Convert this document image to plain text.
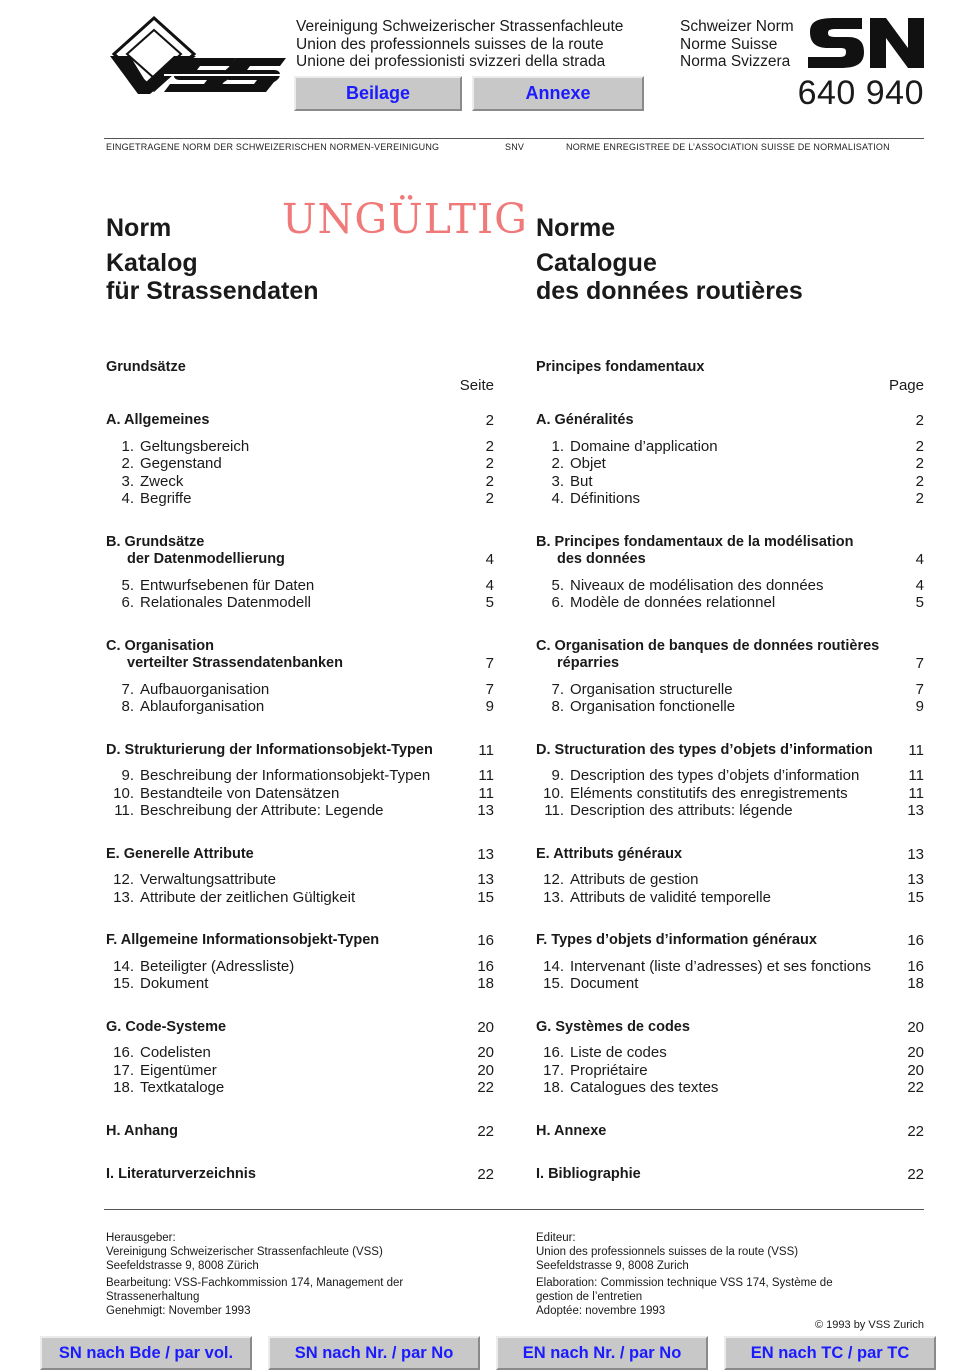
Vereinigung Schweizerischer Strassenfachleute
Union des professionnels suisses de la route
Unione dei professionisti svizzeri della strada
Schweizer Norm
Norme Suisse
Norma Svizzera
640 940
Beilage	Annexe
EINGETRAGENE NORM DER SCHWEIZERISCHEN NORMEN-VEREINIGUNG	SNV	NORME ENREGISTREE DE L’ASSOCIATION SUISSE DE NORMALISATION
UNGÜLTIG
Norm
Katalog
für Strassendaten
Norme
Catalogue
des données routières
Grundsätze
Seite
A. Allgemeines	2
1. Geltungsbereich	2
2. Gegenstand	2
3. Zweck	2
4. Begriffe	2
B. Grundsätze
der Datenmodellierung	4
5. Entwurfsebenen für Daten	4
6. Relationales Datenmodell	5
C. Organisation
verteilter Strassendatenbanken	7
7. Aufbauorganisation	7
8. Ablauforganisation	9
D. Strukturierung der Informationsobjekt-Typen	11
9. Beschreibung der Informationsobjekt-Typen	11
10. Bestandteile von Datensätzen	11
11. Beschreibung der Attribute: Legende	13
E. Generelle Attribute	13
12. Verwaltungsattribute	13
13. Attribute der zeitlichen Gültigkeit	15
F. Allgemeine Informationsobjekt-Typen	16
14. Beteiligter (Adressliste)	16
15. Dokument	18
G. Code-Systeme	20
16. Codelisten	20
17. Eigentümer	20
18. Textkataloge	22
H. Anhang	22
I. Literaturverzeichnis	22
Principes fondamentaux
Page
A. Généralités	2
1. Domaine d’application	2
2. Objet	2
3. But	2
4. Définitions	2
B. Principes fondamentaux de la modélisation
des données	4
5. Niveaux de modélisation des données	4
6. Modèle de données relationnel	5
C. Organisation de banques de données routières
réparries	7
7. Organisation structurelle	7
8. Organisation fonctionelle	9
D. Structuration des types d’objets d’information	11
9. Description des types d’objets d’information	11
10. Eléments constitutifs des enregistrements	11
11. Description des attributs: légende	13
E. Attributs généraux	13
12. Attributs de gestion	13
13. Attributs de validité temporelle	15
F. Types d’objets d’information généraux	16
14. Intervenant (liste d’adresses) et ses fonctions 16
15. Document	18
G. Systèmes de codes	20
16. Liste de codes	20
17. Propriétaire	20
18. Catalogues des textes	22
H. Annexe	22
I. Bibliographie	22

Herausgeber:
Vereinigung Schweizerischer Strassenfachleute (VSS)
Seefeldstrasse 9, 8008 Zürich

Bearbeitung: VSS-Fachkommission 174, Management der Strassenerhaltung
Genehmigt: November 1993

Editeur:
Union des professionnels suisses de la route (VSS)
Seefeldstrasse 9, 8008 Zurich

Elaboration: Commission technique VSS 174, Système de gestion de l’entretien
Adoptée: novembre 1993
© 1993 by VSS Zurich
SN nach Bde / par vol.	SN nach Nr. / par No	EN nach Nr. / par No	EN nach TC / par TC
